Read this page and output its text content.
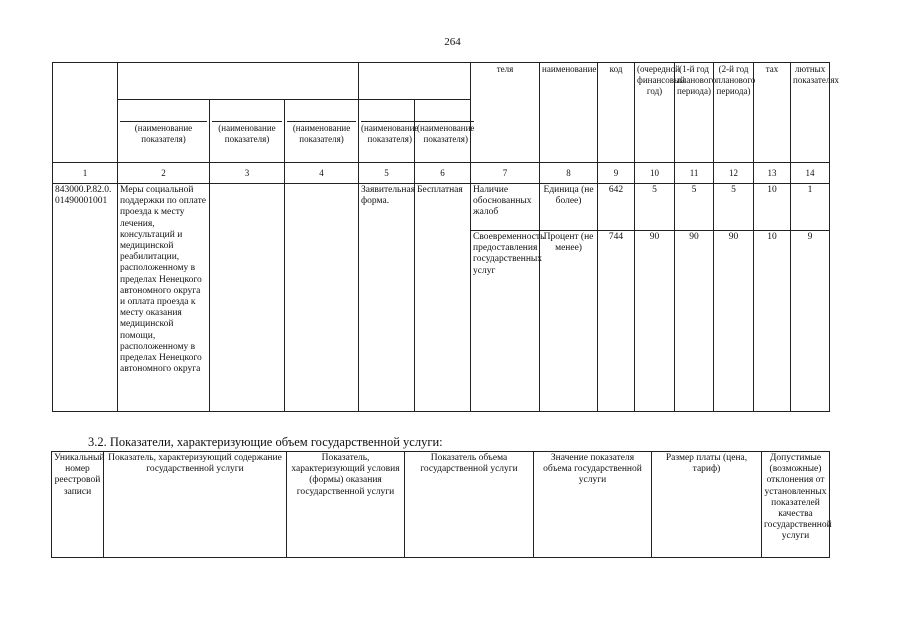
264
						теля	наименование	код	(очередной финансовый год)	(1-й год планового периода)	(2-й год планового периода)	тах	лютных показателях
	(наименование показателя)	(наименование показателя)	(наименование показателя)	(наименование показателя)	(наименование показателя)								
1	2	3	4	5	6	7	8	9	10	11	12	13	14
843000.Р.82.0.01490001001	Меры социальной поддержки по оплате проезда к месту лечения, консультаций и медицинской реабилитации, расположенному в пределах Ненецкого автономного округа и оплата проезда к месту оказания медицинской помощи, расположенному в пределах Ненецкого автономного округа			Заявительная форма.	Бесплатная	Наличие обоснованных жалоб	Единица (не более)	642	5	5	5	10	1
						Своевременность предоставления государственных услуг	Процент (не менее)	744	90	90	90	10	9
3.2. Показатели, характеризующие объем государственной услуги:
Уникальный номер реестровой записи	Показатель, характеризующий содержание государственной услуги	Показатель, характеризующий условия (формы) оказания государственной услуги	Показатель объема государственной услуги	Значение показателя объема государственной услуги	Размер платы (цена, тариф)	Допустимые (возможные) отклонения от установленных показателей качества государственной услуги
